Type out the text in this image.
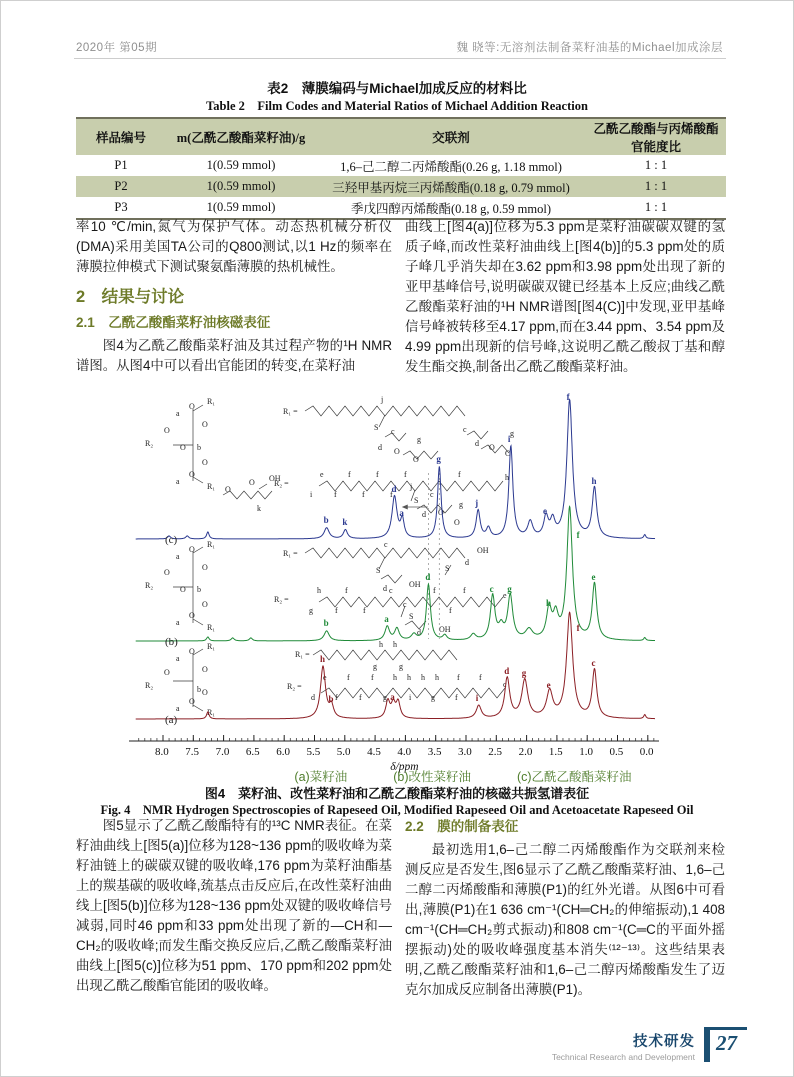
2020年 第05期	魏 晓等:无溶剂法制备菜籽油基的Michael加成涂层
表2　薄膜编码与Michael加成反应的材料比
Table 2　Film Codes and Material Ratios of Michael Addition Reaction
样品编号	m(乙酰乙酸酯菜籽油)/g	交联剂	乙酰乙酸酯与丙烯酸酯官能度比
P1	1(0.59 mmol)	1,6–己二醇二丙烯酸酯(0.26 g, 1.18 mmol)	1 : 1
P2	1(0.59 mmol)	三羟甲基丙烷三丙烯酸酯(0.18 g, 0.79 mmol)	1 : 1
P3	1(0.59 mmol)	季戊四醇丙烯酸酯(0.18 g, 0.59 mmol)	1 : 1

率10 ℃/min,氮气为保护气体。动态热机械分析仪(DMA)采用美国TA公司的Q800测试,以1 Hz的频率在薄膜拉伸模式下测试聚氨酯薄膜的热机械性。

2　结果与讨论
2.1　乙酰乙酸酯菜籽油核磁表征

图4为乙酰乙酸酯菜籽油及其过程产物的¹H NMR谱图。从图4中可以看出官能团的转变,在菜籽油

曲线上[图4(a)]位移为5.3 ppm是菜籽油碳碳双键的氢质子峰,而改性菜籽油曲线上[图4(b)]的5.3 ppm处的质子峰几乎消失却在3.62 ppm和3.98 ppm处出现了新的亚甲基峰信号,说明碳碳双键已经基本上反应;曲线乙酰乙酸酯菜籽油的¹H NMR谱图[图4(C)]中发现,亚甲基峰信号峰被转移至4.17 ppm,而在3.44 ppm、3.54 ppm及4.99 ppm出现新的信号峰,这说明乙酰乙酸叔丁基和醇发生酯交换,制备出乙酰乙酸酯菜籽油。

a
O
R₁
O
R₂
O
O b
a
O
O
R₁ O
O OH
k
R₁ =
j
S c
d O
g
O
c
d O
g
O
R₂ =
e	f	f	f	f	h
i	f	f	f
j
S
c
d O
g
O
a
O
R₁
O
R₂
O
O b
a
O
O
R₁
R₁ =
c
S
d	OH
S
d
OH
R₂ =
h	f	c	f	f
e
g	f	f
c
f
S
OH
d
a
O
R₁
O
R₂
O
b
a
O
R₁
O
R₁ =
h h
g	g
R₂ =
e	f	f h h h h f f
c
d	f	f	g	i g	f
8.0 7.5 7.0 6.5 6.0 5.5 5.0 4.5 4.0 3.5 3.0 2.5 2.0 1.5 1.0 0.5 0.0
δ/ppm
(c)
b k
d
a
g
j
i
e
f
h
(b)
b	a
d
c g
h
f
e
(a)
h
b	a	i
d g
e
f
c
(a)菜籽油	(b)改性菜籽油	(c)乙酰乙酸酯菜籽油
图4　菜籽油、改性菜籽油和乙酰乙酸酯菜籽油的核磁共振氢谱表征
Fig. 4　NMR Hydrogen Spectroscopies of Rapeseed Oil, Modified Rapeseed Oil and Acetoacetate Rapeseed Oil

图5显示了乙酰乙酸酯特有的¹³C NMR表征。在菜籽油曲线上[图5(a)]位移为128~136 ppm的吸收峰为菜籽油链上的碳碳双键的吸收峰,176 ppm为菜籽油酯基上的羰基碳的吸收峰,巯基点击反应后,在改性菜籽油曲线上[图5(b)]位移为128~136 ppm处双键的吸收峰信号减弱,同时46 ppm和33 ppm处出现了新的—CH和—CH₂的吸收峰;而发生酯交换反应后,乙酰乙酸酯菜籽油曲线上[图5(c)]位移为51 ppm、170 ppm和202 ppm处出现乙酰乙酸酯官能团的吸收峰。

2.2　膜的制备表征

最初选用1,6–己二醇二丙烯酸酯作为交联剂来检测反应是否发生,图6显示了乙酰乙酸酯菜籽油、1,6–己二醇二丙烯酸酯和薄膜(P1)的红外光谱。从图6中可看出,薄膜(P1)在1 636 cm⁻¹(CH═CH₂的伸缩振动),1 408 cm⁻¹(CH═CH₂剪式振动)和808 cm⁻¹(C═C的平面外摇摆振动)处的吸收峰强度基本消失⁽¹²⁻¹³⁾。这些结果表明,乙酰乙酸酯菜籽油和1,6–己二醇丙烯酸酯发生了迈克尔加成反应制备出薄膜(P1)。

技术研发
Technical Research and Development
27
